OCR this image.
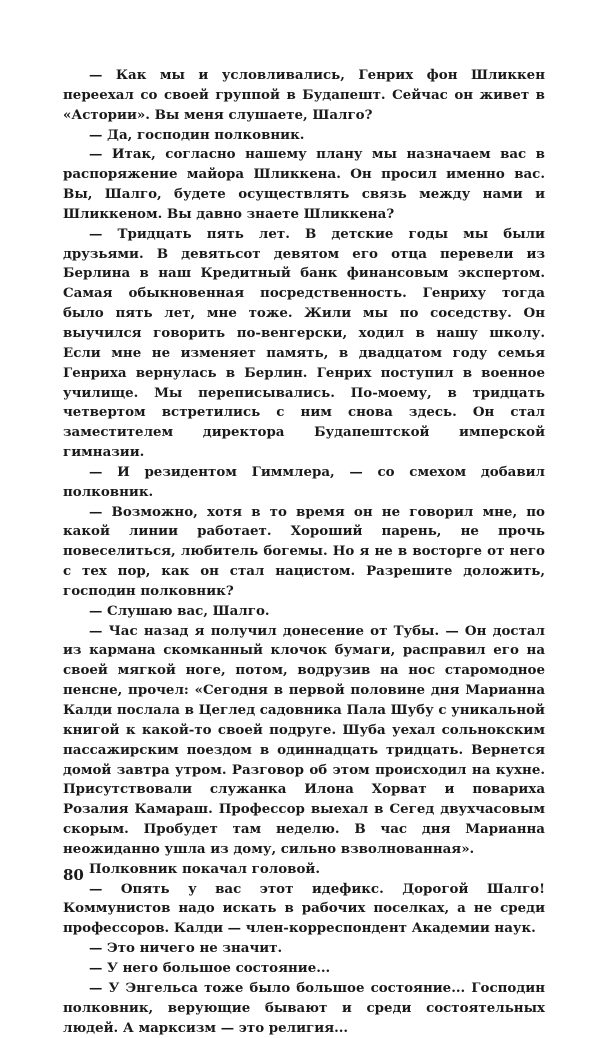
— Как мы и условливались, Генрих фон Шликкен переехал со своей группой в Будапешт. Сейчас он живет в «Астории». Вы меня слушаете, Шалго?

— Да, господин полковник.

— Итак, согласно нашему плану мы назначаем вас в распоряжение майора Шликкена. Он просил именно вас. Вы, Шалго, будете осуществлять связь между нами и Шликкеном. Вы давно знаете Шликкена?

— Тридцать пять лет. В детские годы мы были друзьями. В девятьсот девятом его отца перевели из Берлина в наш Кредитный банк финансовым экспертом. Самая обыкновенная посредственность. Генриху тогда было пять лет, мне тоже. Жили мы по соседству. Он выучился говорить по-венгерски, ходил в нашу школу. Если мне не изменяет память, в двадцатом году семья Генриха вернулась в Берлин. Генрих поступил в военное училище. Мы переписывались. По-моему, в тридцать четвертом встретились с ним снова здесь. Он стал заместителем директора Будапештской имперской гимназии.

— И резидентом Гиммлера, — со смехом добавил полковник.

— Возможно, хотя в то время он не говорил мне, по какой линии работает. Хороший парень, не прочь повеселиться, любитель богемы. Но я не в восторге от него с тех пор, как он стал нацистом. Разрешите доложить, господин полковник?

— Слушаю вас, Шалго.

— Час назад я получил донесение от Тубы. — Он достал из кармана скомканный клочок бумаги, расправил его на своей мягкой ноге, потом, водрузив на нос старомодное пенсне, прочел: «Сегодня в первой половине дня Марианна Калди послала в Цеглед садовника Пала Шубу с уникальной книгой к какой-то своей подруге. Шуба уехал сольнокским пассажирским поездом в одиннадцать тридцать. Вернется домой завтра утром. Разговор об этом происходил на кухне. Присутствовали служанка Илона Хорват и повариха Розалия Камараш. Профессор выехал в Сегед двухчасовым скорым. Пробудет там неделю. В час дня Марианна неожиданно ушла из дому, сильно взволнованная».

Полковник покачал головой.

— Опять у вас этот идефикс. Дорогой Шалго! Коммунистов надо искать в рабочих поселках, а не среди профессоров. Калди — член-корреспондент Академии наук.

— Это ничего не значит.

— У него большое состояние...

— У Энгельса тоже было большое состояние... Господин полковник, верующие бывают и среди состоятельных людей. А марксизм — это религия...

80
